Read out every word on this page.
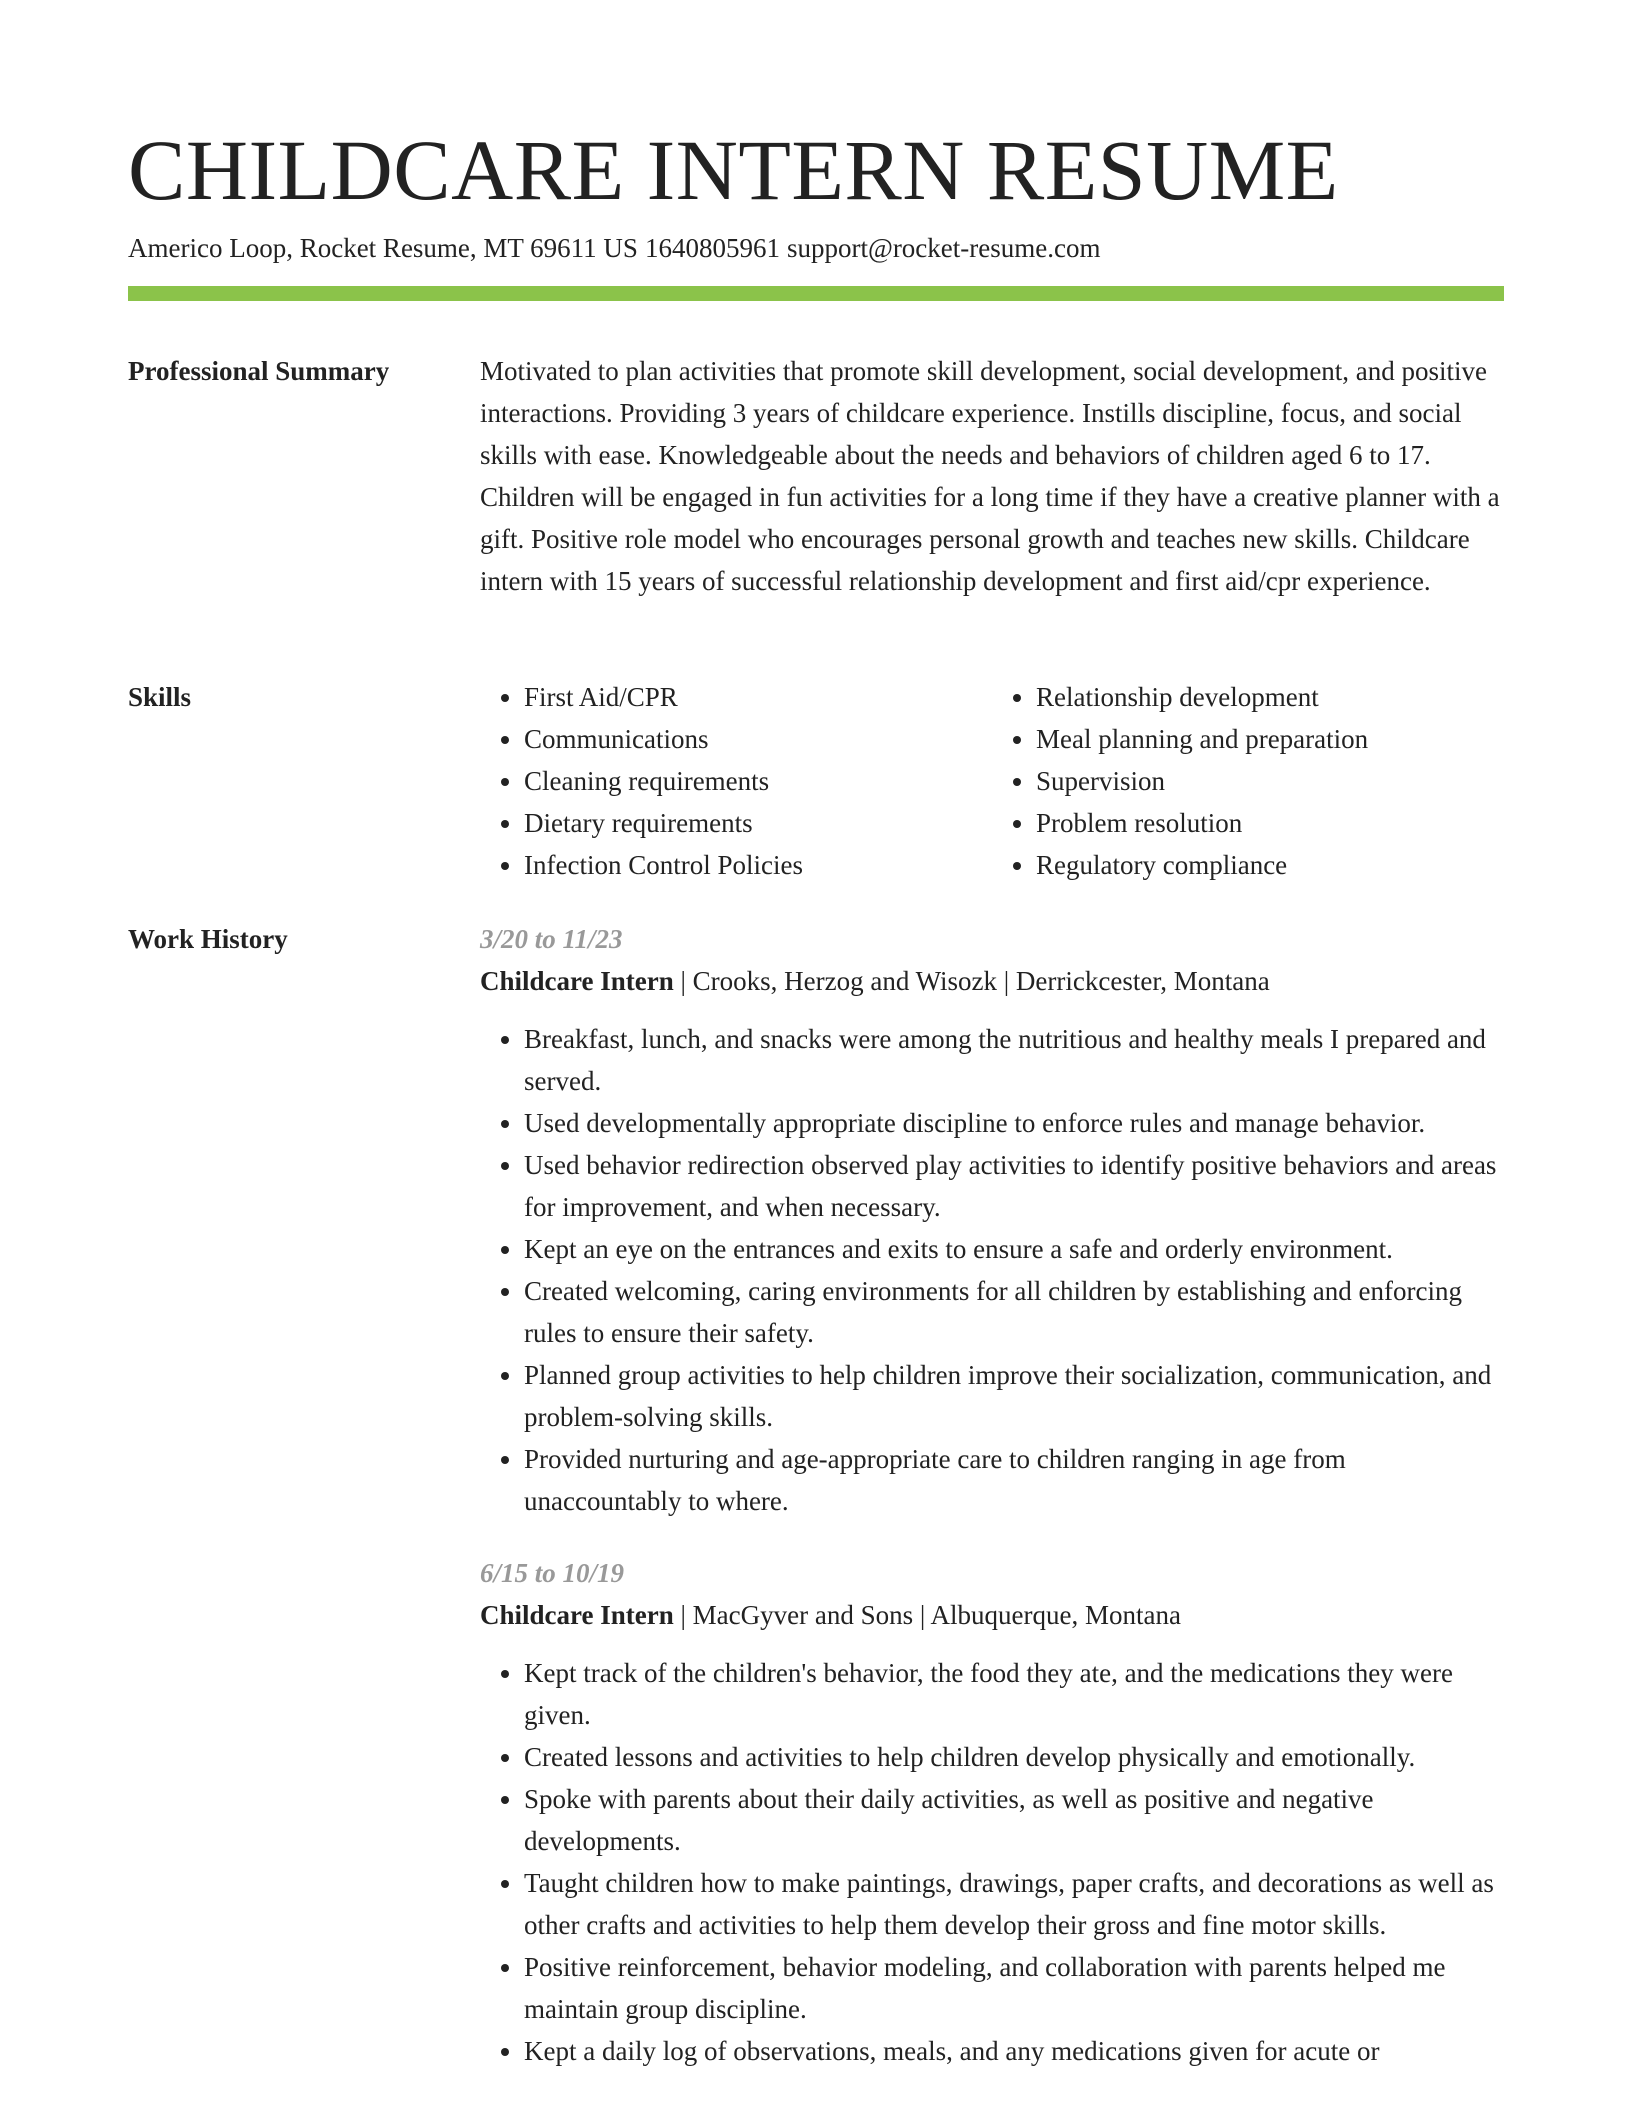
CHILDCARE INTERN RESUME
Americo Loop, Rocket Resume, MT 69611 US 1640805961 support@rocket-resume.com
Professional Summary	Motivated to plan activities that promote skill development, social development, and positive interactions. Providing 3 years of childcare experience. Instills discipline, focus, and social skills with ease. Knowledgeable about the needs and behaviors of children aged 6 to 17. Children will be engaged in fun activities for a long time if they have a creative planner with a gift. Positive role model who encourages personal growth and teaches new skills. Childcare intern with 15 years of successful relationship development and first aid/cpr experience.

Skills
•	First Aid/CPR
• Communications
• Cleaning requirements
• Dietary requirements
• Infection Control Policies
• Relationship development
• Meal planning and preparation
• Supervision
• Problem resolution
• Regulatory compliance
Work History	3/20 to 11/23
Childcare Intern | Crooks, Herzog and Wisozk | Derrickcester, Montana
• Breakfast, lunch, and snacks were among the nutritious and healthy meals I prepared and served.
• Used developmentally appropriate discipline to enforce rules and manage behavior.
• Used behavior redirection observed play activities to identify positive behaviors and areas for improvement, and when necessary.
• Kept an eye on the entrances and exits to ensure a safe and orderly environment.
• Created welcoming, caring environments for all children by establishing and enforcing rules to ensure their safety.
• Planned group activities to help children improve their socialization, communication, and problem-solving skills.
• Provided nurturing and age-appropriate care to children ranging in age from unaccountably to where.
6/15 to 10/19
Childcare Intern | MacGyver and Sons | Albuquerque, Montana
• Kept track of the children's behavior, the food they ate, and the medications they were given.
• Created lessons and activities to help children develop physically and emotionally.
• Spoke with parents about their daily activities, as well as positive and negative developments.
• Taught children how to make paintings, drawings, paper crafts, and decorations as well as other crafts and activities to help them develop their gross and fine motor skills.
• Positive reinforcement, behavior modeling, and collaboration with parents helped me maintain group discipline.
• Kept a daily log of observations, meals, and any medications given for acute or
